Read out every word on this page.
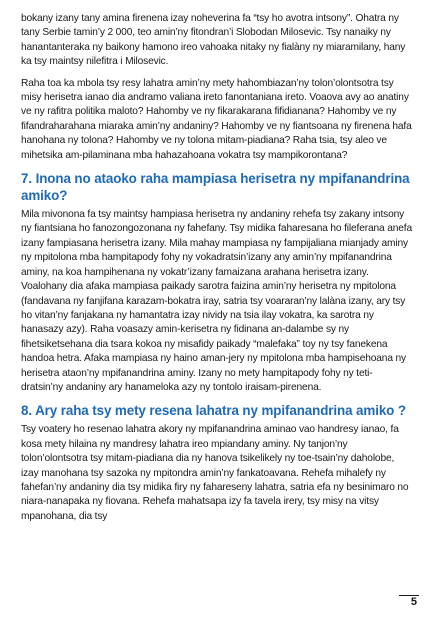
bokany izany tany amina firenena izay noheverina fa “tsy ho avotra intsony”. Ohatra ny tany Serbie tamin’y 2 000, teo amin’ny fitondran’i Slobodan Milosevic. Tsy nanaiky ny hanantanteraka ny baikony hamono ireo vahoaka nitaky ny fialàny ny miaramilany, hany ka tsy maintsy nilefitra i Milosevic.

Raha toa ka mbola tsy resy lahatra amin’ny mety hahombiazan’ny tolon’olontsotra tsy misy herisetra ianao dia andramo valiana ireto fanontaniana ireto. Voaova avy ao anatiny ve ny rafitra politika maloto? Hahomby ve ny fikarakarana fifidianana? Hahomby ve ny fifandraharahana miaraka amin’ny andaniny? Hahomby ve ny fiantsoana ny firenena hafa hanohana ny tolona? Hahomby ve ny tolona mitam-piadiana? Raha tsia, tsy aleo ve mihetsika am-pilaminana mba hahazahoana vokatra tsy mampikorontana?

7. Inona no ataoko raha mampiasa herisetra ny mpifanandrina amiko?

Mila mivonona fa tsy maintsy hampiasa herisetra ny andaniny rehefa tsy zakany intsony ny fiantsiana ho fanozongozonana ny fahefany. Tsy midika faharesana ho fileferana anefa izany fampiasana herisetra izany. Mila mahay mampiasa ny fampijaliana mianjady aminy ny mpitolona mba hampitapody fohy ny vokadratsin’izany any amin’ny mpifanandrina aminy, na koa hampihenana ny vokatr’izany famaizana arahana herisetra izany. Voalohany dia afaka mampiasa paikady sarotra faizina amin’ny herisetra ny mpitolona (fandavana ny fanjifana karazam-bokatra iray, satria tsy voararan’ny lalàna izany, ary tsy ho vitan’ny fanjakana ny hamantatra izay nividy na tsia ilay vokatra, ka sarotra ny hanasazy azy). Raha voasazy amin-kerisetra ny fidinana an-dalambe sy ny fihetsiketsehana dia tsara kokoa ny misafidy paikady “malefaka” toy ny tsy fanekena handoa hetra. Afaka mampiasa ny haino aman-jery ny mpitolona mba hampisehoana ny herisetra ataon’ny mpifanandrina aminy. Izany no mety hampitapody fohy ny teti-dratsin’ny andaniny ary hanameloka azy ny tontolo iraisam-pirenena.

8. Ary raha tsy mety resena lahatra ny mpifanandrina amiko ?

Tsy voatery ho resenao lahatra akory ny mpifanandrina aminao vao handresy ianao, fa kosa mety hilaina ny mandresy lahatra ireo mpiandany aminy. Ny tanjon’ny tolon’olontsotra tsy mitam-piadiana dia ny hanova tsikelikely ny toe-tsain’ny daholobe, izay manohana tsy sazoka ny mpitondra amin’ny fankatoavana. Rehefa mihalefy ny fahefan’ny andaniny dia tsy midika firy ny fahareseny lahatra, satria efa ny besinimaro no niara-nanapaka ny fiovana. Rehefa mahatsapa izy fa tavela irery, tsy misy na vitsy mpanohana, dia tsy

5
